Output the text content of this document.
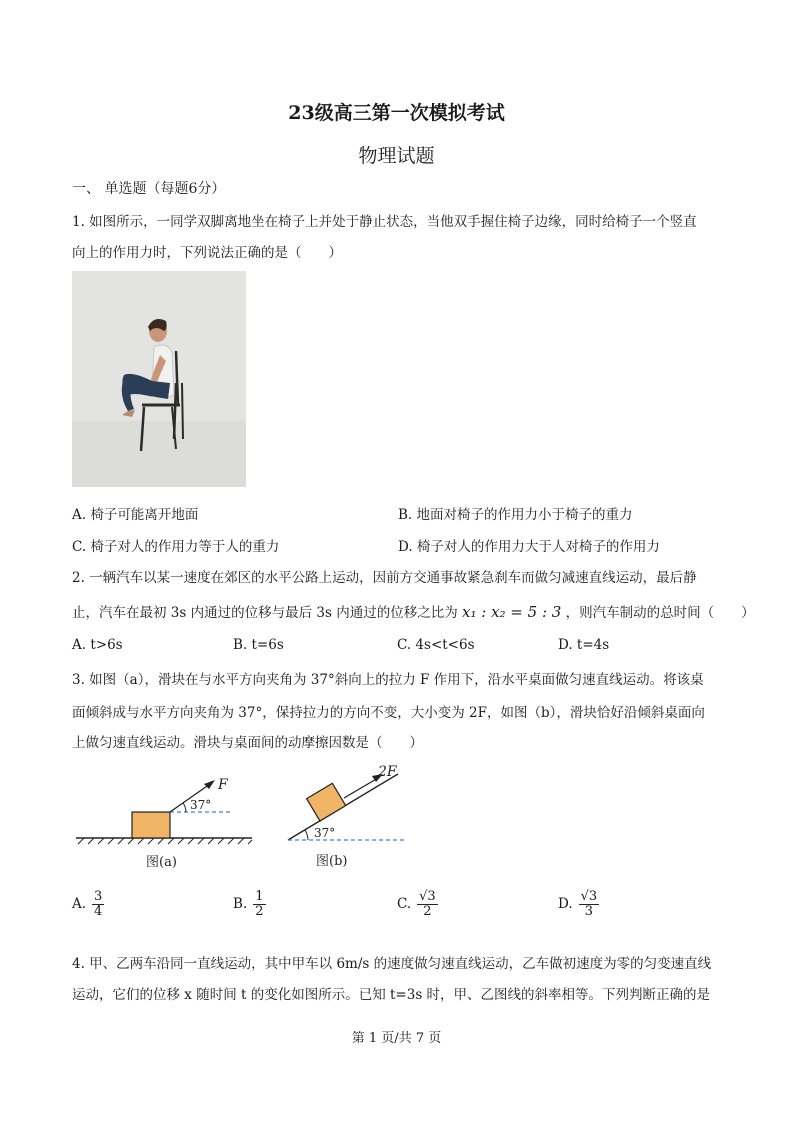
23级高三第一次模拟考试
物理试题
一、 单选题（每题6分）
1. 如图所示，一同学双脚离地坐在椅子上并处于静止状态，当他双手握住椅子边缘，同时给椅子一个竖直
向上的作用力时，下列说法正确的是（　　）
A. 椅子可能离开地面	B. 地面对椅子的作用力小于椅子的重力
C. 椅子对人的作用力等于人的重力	D. 椅子对人的作用力大于人对椅子的作用力
2. 一辆汽车以某一速度在郊区的水平公路上运动，因前方交通事故紧急刹车而做匀减速直线运动，最后静
止，汽车在最初 3s 内通过的位移与最后 3s 内通过的位移之比为 x₁ : x₂ = 5 : 3 ，则汽车制动的总时间（　　）
A. t>6s	B. t=6s	C. 4s<t<6s	D. t=4s
3. 如图（a），滑块在与水平方向夹角为 37°斜向上的拉力 F 作用下，沿水平桌面做匀速直线运动。将该桌
面倾斜成与水平方向夹角为 37°，保持拉力的方向不变，大小变为 2F，如图（b），滑块恰好沿倾斜桌面向
上做匀速直线运动。滑块与桌面间的动摩擦因数是（　　）
F
37°
图(a)
2F
37°
图(b)
A. $\frac{3}{4}$	B. $\frac{1}{2}$	C. $\frac{√3}{2}$	D. $\frac{√3}{3}$
4. 甲、乙两车沿同一直线运动，其中甲车以 6m/s 的速度做匀速直线运动，乙车做初速度为零的匀变速直线
运动，它们的位移 x 随时间 t 的变化如图所示。已知 t=3s 时，甲、乙图线的斜率相等。下列判断正确的是
第 1 页/共 7 页
